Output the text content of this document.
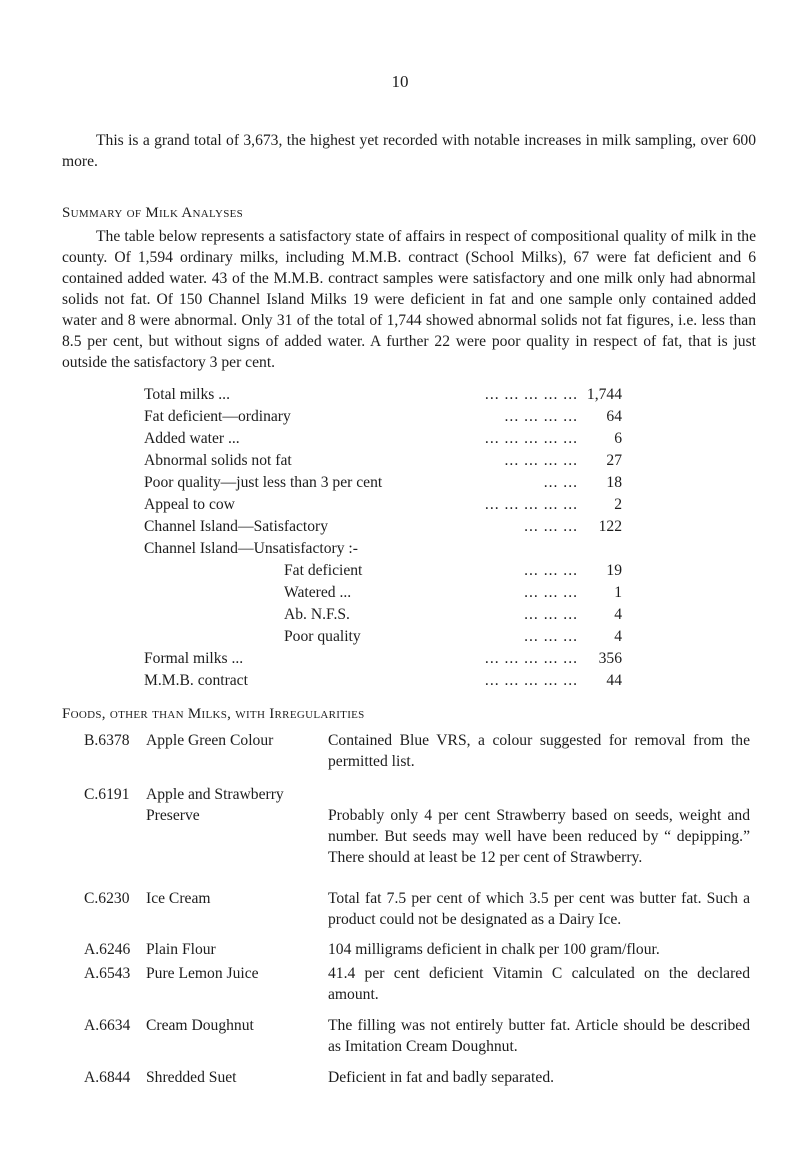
10

This is a grand total of 3,673, the highest yet recorded with notable increases in milk sampling, over 600 more.

Summary of Milk Analyses

The table below represents a satisfactory state of affairs in respect of compositional quality of milk in the county. Of 1,594 ordinary milks, including M.M.B. contract (School Milks), 67 were fat deficient and 6 contained added water. 43 of the M.M.B. contract samples were satisfactory and one milk only had abnormal solids not fat. Of 150 Channel Island Milks 19 were deficient in fat and one sample only contained added water and 8 were abnormal. Only 31 of the total of 1,744 showed abnormal solids not fat figures, i.e. less than 8.5 per cent, but without signs of added water. A further 22 were poor quality in respect of fat, that is just outside the satisfactory 3 per cent.

Total milks ...	... ... ... ... ... 1,744
Fat deficient—ordinary	... ... ... ... 64
Added water ...	... ... ... ... ... 6
Abnormal solids not fat	... ... ... ... 27
Poor quality—just less than 3 per cent	... ... 18
Appeal to cow	... ... ... ... ... 2
Channel Island—Satisfactory	... ... ... 122
Channel Island—Unsatisfactory :-
Fat deficient	... ... ... 19
Watered ...	... ... ... 1
Ab. N.F.S.	... ... ... 4
Poor quality	... ... ... 4
Formal milks ...	... ... ... ... ... 356
M.M.B. contract	... ... ... ... ... 44
Foods, other than Milks, with Irregularities
B.6378 Apple Green Colour	Contained Blue VRS, a colour suggested for removal from the permitted list.
C.6191 Apple and Strawberry Preserve	Probably only 4 per cent Strawberry based on seeds, weight and number. But seeds may well have been reduced by “ depipping.” There should at least be 12 per cent of Strawberry.
C.6230 Ice Cream	Total fat 7.5 per cent of which 3.5 per cent was butter fat. Such a product could not be designated as a Dairy Ice.
A.6246 Plain Flour	104 milligrams deficient in chalk per 100 gram/flour.
A.6543 Pure Lemon Juice	41.4 per cent deficient Vitamin C calculated on the declared amount.
A.6634 Cream Doughnut	The filling was not entirely butter fat. Article should be described as Imitation Cream Doughnut.
A.6844 Shredded Suet	Deficient in fat and badly separated.
